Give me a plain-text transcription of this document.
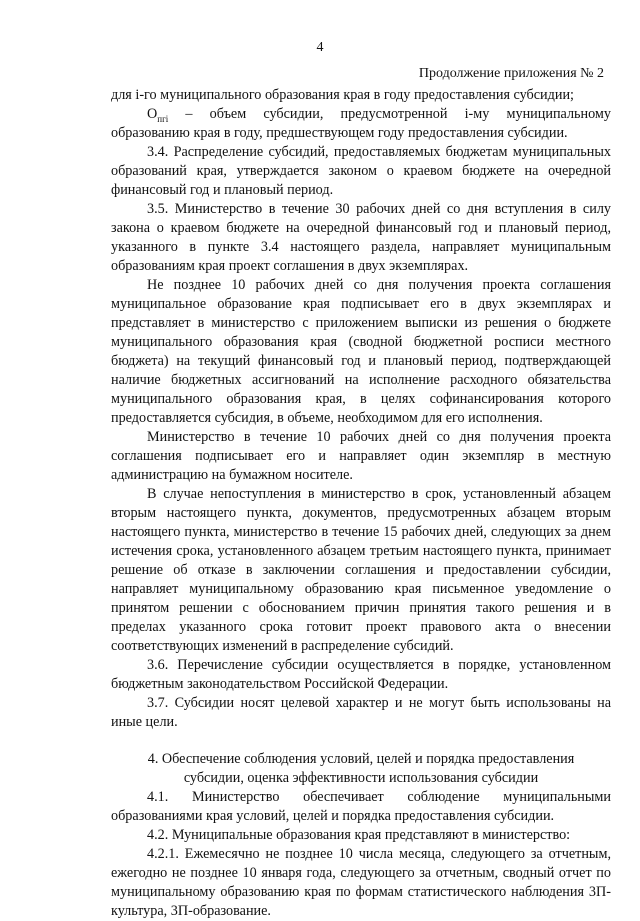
4
Продолжение приложения № 2

для i-го муниципального образования края в году предоставления субсидии;

$O_{пгi}$ – объем субсидии, предусмотренной i-му муниципальному образованию края в году, предшествующем году предоставления субсидии.

3.4. Распределение субсидий, предоставляемых бюджетам муниципальных образований края, утверждается законом о краевом бюджете на очередной финансовый год и плановый период.

3.5. Министерство в течение 30 рабочих дней со дня вступления в силу закона о краевом бюджете на очередной финансовый год и плановый период, указанного в пункте 3.4 настоящего раздела, направляет муниципальным образованиям края проект соглашения в двух экземплярах.

Не позднее 10 рабочих дней со дня получения проекта соглашения муниципальное образование края подписывает его в двух экземплярах и представляет в министерство с приложением выписки из решения о бюджете муниципального образования края (сводной бюджетной росписи местного бюджета) на текущий финансовый год и плановый период, подтверждающей наличие бюджетных ассигнований на исполнение расходного обязательства муниципального образования края, в целях софинансирования которого предоставляется субсидия, в объеме, необходимом для его исполнения.

Министерство в течение 10 рабочих дней со дня получения проекта соглашения подписывает его и направляет один экземпляр в местную администрацию на бумажном носителе.

В случае непоступления в министерство в срок, установленный абзацем вторым настоящего пункта, документов, предусмотренных абзацем вторым настоящего пункта, министерство в течение 15 рабочих дней, следующих за днем истечения срока, установленного абзацем третьим настоящего пункта, принимает решение об отказе в заключении соглашения и предоставлении субсидии, направляет муниципальному образованию края письменное уведомление о принятом решении с обоснованием причин принятия такого решения и в пределах указанного срока готовит проект правового акта о внесении соответствующих изменений в распределение субсидий.

3.6. Перечисление субсидии осуществляется в порядке, установленном бюджетным законодательством Российской Федерации.

3.7. Субсидии носят целевой характер и не могут быть использованы на иные цели.

4. Обеспечение соблюдения условий, целей и порядка предоставления субсидии, оценка эффективности использования субсидии

4.1. Министерство обеспечивает соблюдение муниципальными образованиями края условий, целей и порядка предоставления субсидии.

4.2. Муниципальные образования края представляют в министерство:

4.2.1. Ежемесячно не позднее 10 числа месяца, следующего за отчетным, ежегодно не позднее 10 января года, следующего за отчетным, сводный отчет по муниципальному образованию края по формам статистического наблюдения 3П-культура, 3П-образование.
